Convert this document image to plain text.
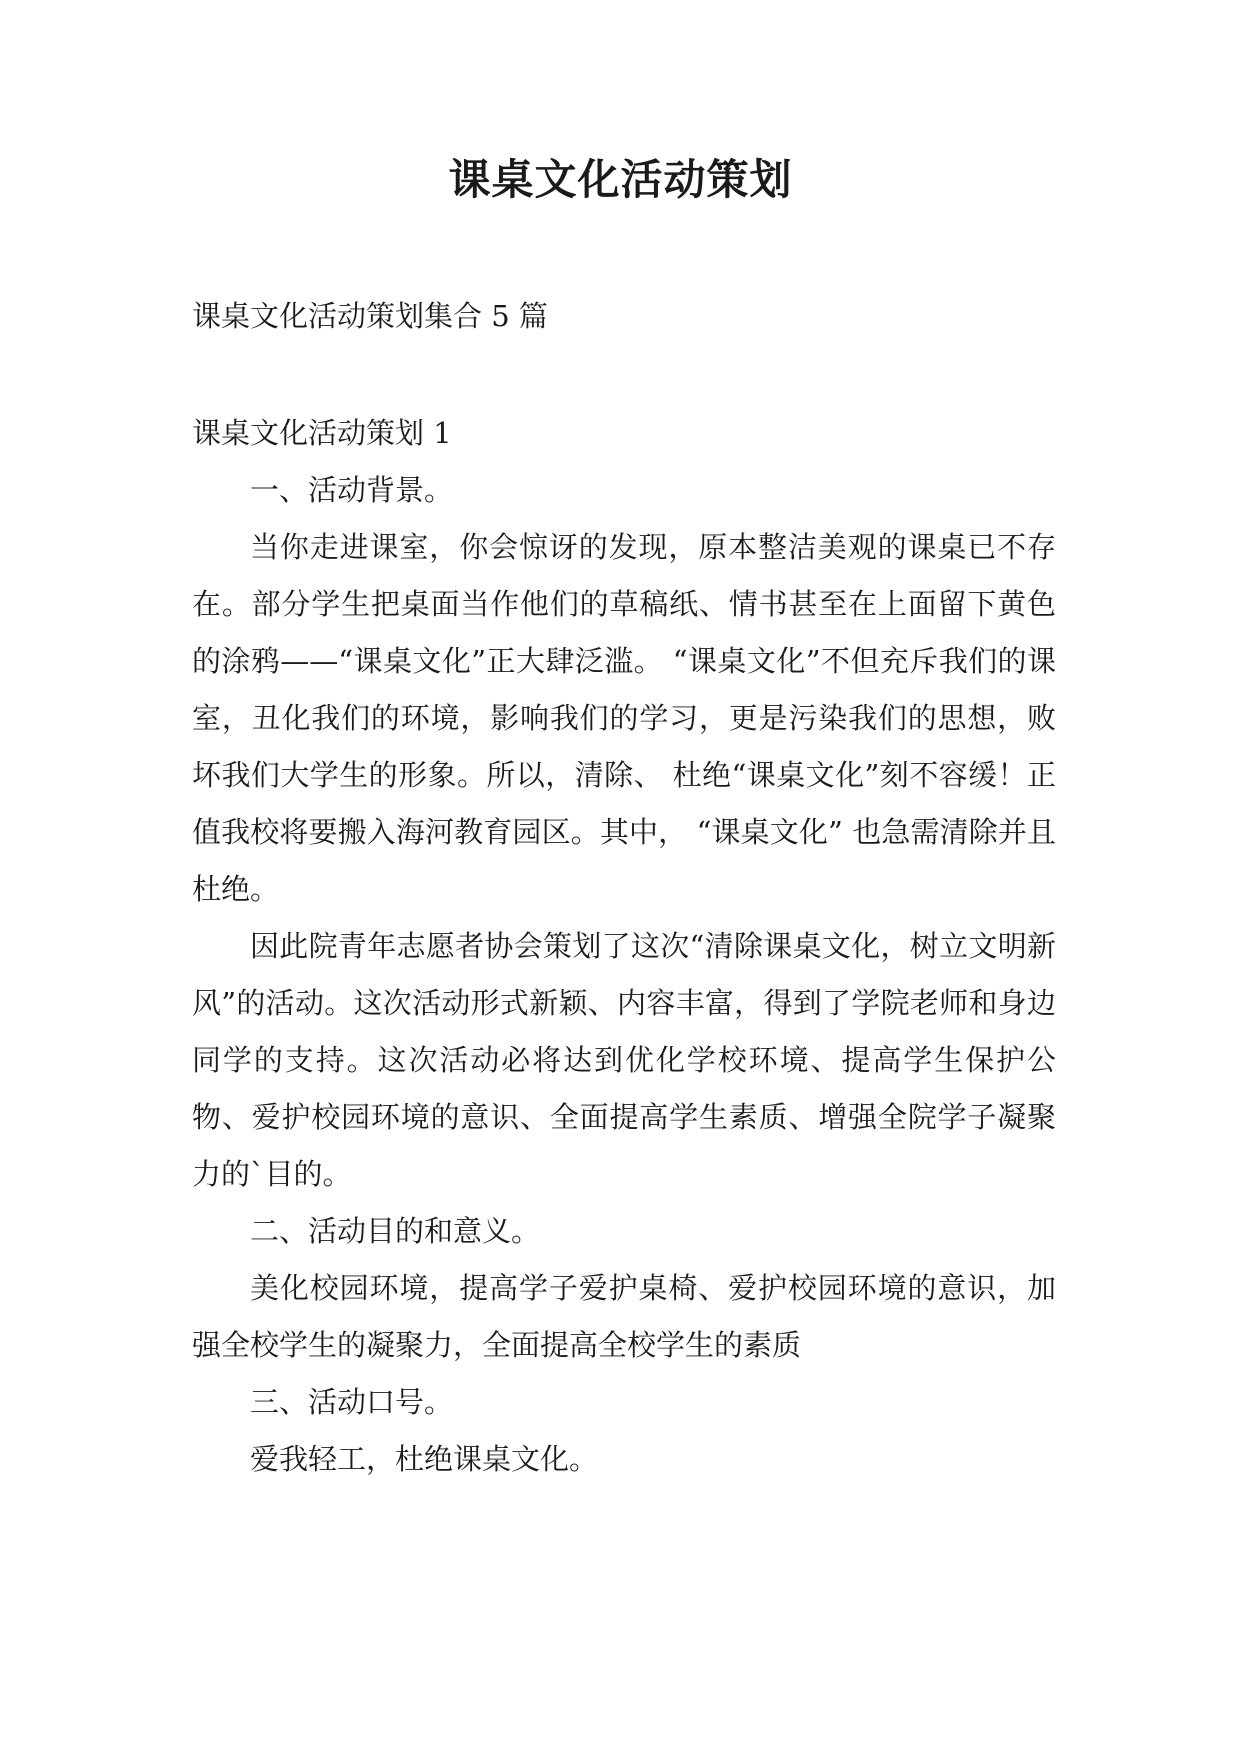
课桌文化活动策划
课桌文化活动策划集合 5 篇

课桌文化活动策划 1

一、活动背景。

当你走进课室，你会惊讶的发现，原本整洁美观的课桌已不存在。部分学生把桌面当作他们的草稿纸、情书甚至在上面留下黄色的涂鸦——“课桌文化”正大肆泛滥。 “课桌文化”不但充斥我们的课室，丑化我们的环境，影响我们的学习，更是污染我们的思想，败坏我们大学生的形象。所以，清除、 杜绝“课桌文化”刻不容缓！正值我校将要搬入海河教育园区。其中， “课桌文化” 也急需清除并且杜绝。

因此院青年志愿者协会策划了这次“清除课桌文化，树立文明新风”的活动。这次活动形式新颖、内容丰富，得到了学院老师和身边同学的支持。这次活动必将达到优化学校环境、提高学生保护公物、爱护校园环境的意识、全面提高学生素质、增强全院学子凝聚力的`目的。

二、活动目的和意义。

美化校园环境，提高学子爱护桌椅、爱护校园环境的意识，加强全校学生的凝聚力，全面提高全校学生的素质

三、活动口号。

爱我轻工，杜绝课桌文化。
